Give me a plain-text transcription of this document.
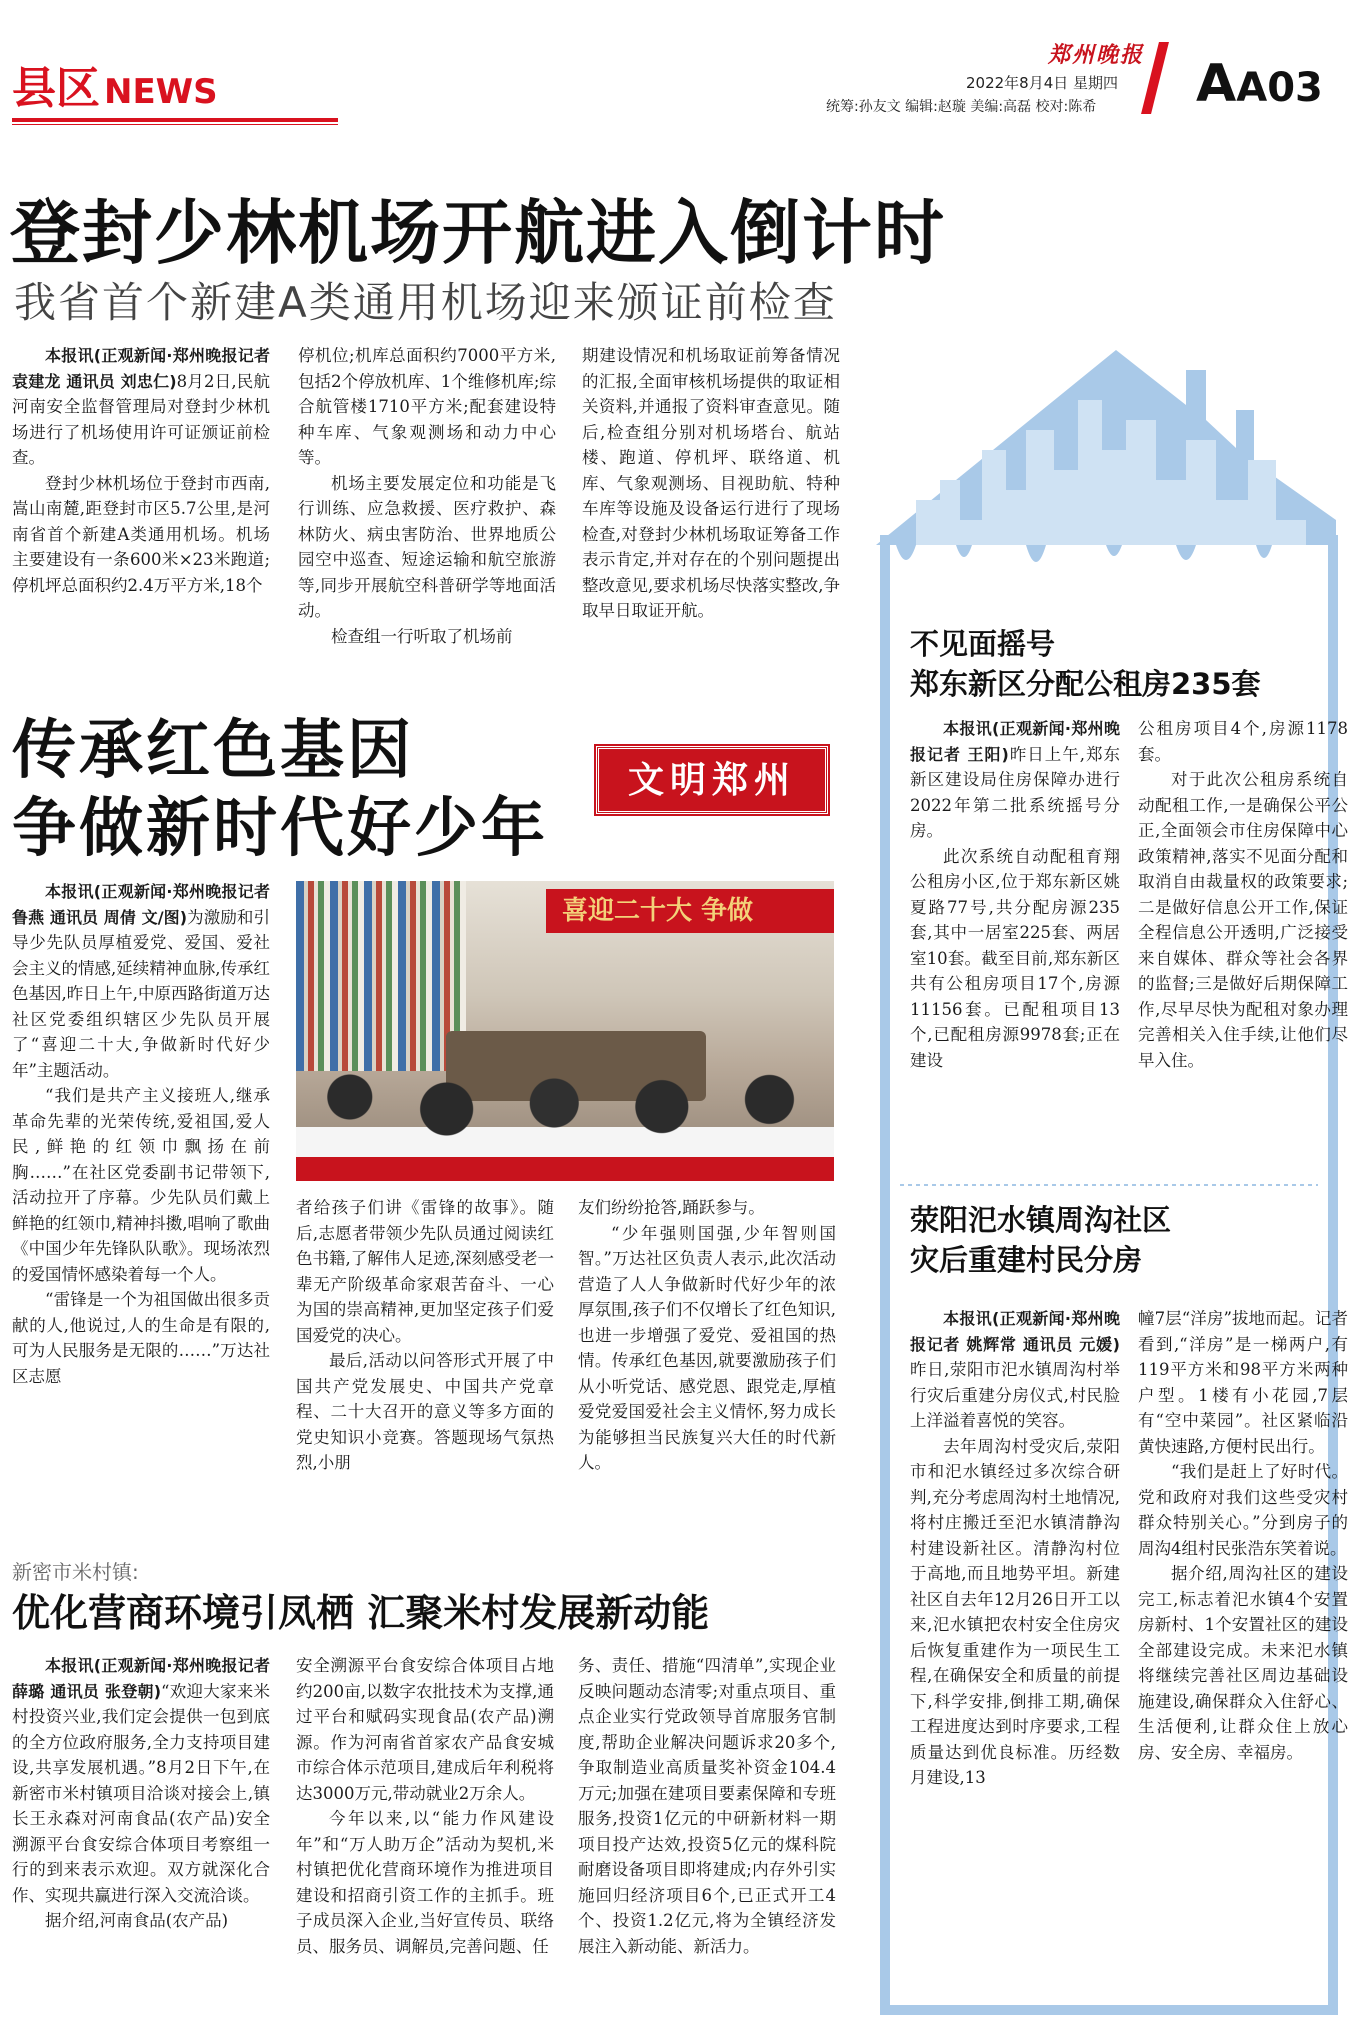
县区 NEWS
郑州晚报
2022年8月4日 星期四
统筹:孙友文 编辑:赵璇 美编:高磊 校对:陈希 AA03
登封少林机场开航进入倒计时
我省首个新建A类通用机场迎来颁证前检查

本报讯(正观新闻·郑州晚报记者 袁建龙 通讯员 刘忠仁)8月2日,民航河南安全监督管理局对登封少林机场进行了机场使用许可证颁证前检查。

登封少林机场位于登封市西南,嵩山南麓,距登封市区5.7公里,是河南省首个新建A类通用机场。机场主要建设有一条600米×23米跑道;停机坪总面积约2.4万平方米,18个

停机位;机库总面积约7000平方米,包括2个停放机库、1个维修机库;综合航管楼1710平方米;配套建设特种车库、气象观测场和动力中心等。

机场主要发展定位和功能是飞行训练、应急救援、医疗救护、森林防火、病虫害防治、世界地质公园空中巡查、短途运输和航空旅游等,同步开展航空科普研学等地面活动。

检查组一行听取了机场前

期建设情况和机场取证前筹备情况的汇报,全面审核机场提供的取证相关资料,并通报了资料审查意见。随后,检查组分别对机场塔台、航站楼、跑道、停机坪、联络道、机库、气象观测场、目视助航、特种车库等设施及设备运行进行了现场检查,对登封少林机场取证筹备工作表示肯定,并对存在的个别问题提出整改意见,要求机场尽快落实整改,争取早日取证开航。

传承红色基因
争做新时代好少年
文明郑州

本报讯(正观新闻·郑州晚报记者 鲁燕 通讯员 周倩 文/图)为激励和引导少先队员厚植爱党、爱国、爱社会主义的情感,延续精神血脉,传承红色基因,昨日上午,中原西路街道万达社区党委组织辖区少先队员开展了“喜迎二十大,争做新时代好少年”主题活动。

“我们是共产主义接班人,继承革命先辈的光荣传统,爱祖国,爱人民,鲜艳的红领巾飘扬在前胸……”在社区党委副书记带领下,活动拉开了序幕。少先队员们戴上鲜艳的红领巾,精神抖擞,唱响了歌曲《中国少年先锋队队歌》。现场浓烈的爱国情怀感染着每一个人。

“雷锋是一个为祖国做出很多贡献的人,他说过,人的生命是有限的,可为人民服务是无限的……”万达社区志愿

喜迎二十大 争做

者给孩子们讲《雷锋的故事》。随后,志愿者带领少先队员通过阅读红色书籍,了解伟人足迹,深刻感受老一辈无产阶级革命家艰苦奋斗、一心为国的崇高精神,更加坚定孩子们爱国爱党的决心。

最后,活动以问答形式开展了中国共产党发展史、中国共产党章程、二十大召开的意义等多方面的党史知识小竞赛。答题现场气氛热烈,小朋

友们纷纷抢答,踊跃参与。

“少年强则国强,少年智则国智。”万达社区负责人表示,此次活动营造了人人争做新时代好少年的浓厚氛围,孩子们不仅增长了红色知识,也进一步增强了爱党、爱祖国的热情。传承红色基因,就要激励孩子们从小听党话、感党恩、跟党走,厚植爱党爱国爱社会主义情怀,努力成长为能够担当民族复兴大任的时代新人。

新密市米村镇:
优化营商环境引凤栖 汇聚米村发展新动能

本报讯(正观新闻·郑州晚报记者 薛璐 通讯员 张登朝)“欢迎大家来米村投资兴业,我们定会提供一包到底的全方位政府服务,全力支持项目建设,共享发展机遇。”8月2日下午,在新密市米村镇项目洽谈对接会上,镇长王永森对河南食品(农产品)安全溯源平台食安综合体项目考察组一行的到来表示欢迎。双方就深化合作、实现共赢进行深入交流洽谈。

据介绍,河南食品(农产品)

安全溯源平台食安综合体项目占地约200亩,以数字农批技术为支撑,通过平台和赋码实现食品(农产品)溯源。作为河南省首家农产品食安城市综合体示范项目,建成后年利税将达3000万元,带动就业2万余人。

今年以来,以“能力作风建设年”和“万人助万企”活动为契机,米村镇把优化营商环境作为推进项目建设和招商引资工作的主抓手。班子成员深入企业,当好宣传员、联络员、服务员、调解员,完善问题、任

务、责任、措施“四清单”,实现企业反映问题动态清零;对重点项目、重点企业实行党政领导首席服务官制度,帮助企业解决问题诉求20多个,争取制造业高质量奖补资金104.4万元;加强在建项目要素保障和专班服务,投资1亿元的中研新材料一期项目投产达效,投资5亿元的煤科院耐磨设备项目即将建成;内存外引实施回归经济项目6个,已正式开工4个、投资1.2亿元,将为全镇经济发展注入新动能、新活力。

不见面摇号
郑东新区分配公租房235套

本报讯(正观新闻·郑州晚报记者 王阳)昨日上午,郑东新区建设局住房保障办进行2022年第二批系统摇号分房。

此次系统自动配租育翔公租房小区,位于郑东新区姚夏路77号,共分配房源235套,其中一居室225套、两居室10套。截至目前,郑东新区共有公租房项目17个,房源11156套。已配租项目13个,已配租房源9978套;正在建设

公租房项目4个,房源1178套。

对于此次公租房系统自动配租工作,一是确保公平公正,全面领会市住房保障中心政策精神,落实不见面分配和取消自由裁量权的政策要求;二是做好信息公开工作,保证全程信息公开透明,广泛接受来自媒体、群众等社会各界的监督;三是做好后期保障工作,尽早尽快为配租对象办理完善相关入住手续,让他们尽早入住。

荥阳汜水镇周沟社区
灾后重建村民分房

本报讯(正观新闻·郑州晚报记者 姚辉常 通讯员 元媛)昨日,荥阳市汜水镇周沟村举行灾后重建分房仪式,村民脸上洋溢着喜悦的笑容。

去年周沟村受灾后,荥阳市和汜水镇经过多次综合研判,充分考虑周沟村土地情况,将村庄搬迁至汜水镇清静沟村建设新社区。清静沟村位于高地,而且地势平坦。新建社区自去年12月26日开工以来,汜水镇把农村安全住房灾后恢复重建作为一项民生工程,在确保安全和质量的前提下,科学安排,倒排工期,确保工程进度达到时序要求,工程质量达到优良标准。历经数月建设,13

幢7层“洋房”拔地而起。记者看到,“洋房”是一梯两户,有119平方米和98平方米两种户型。1楼有小花园,7层有“空中菜园”。社区紧临沿黄快速路,方便村民出行。

“我们是赶上了好时代。党和政府对我们这些受灾村群众特别关心。”分到房子的周沟4组村民张浩东笑着说。

据介绍,周沟社区的建设完工,标志着汜水镇4个安置房新村、1个安置社区的建设全部建设完成。未来汜水镇将继续完善社区周边基础设施建设,确保群众入住舒心、生活便利,让群众住上放心房、安全房、幸福房。
